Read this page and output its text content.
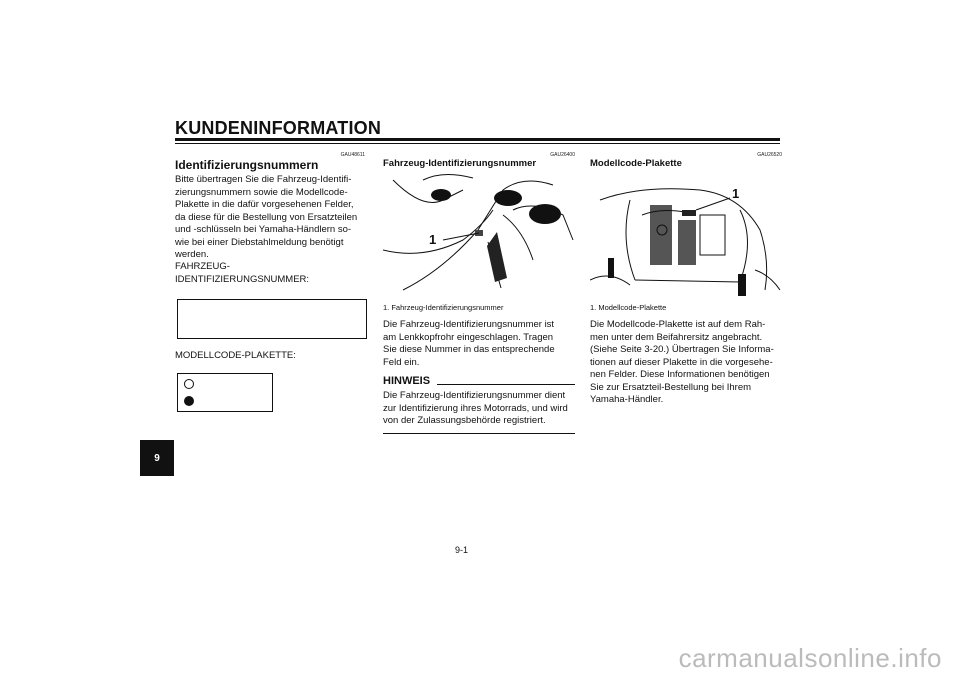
KUNDENINFORMATION
GAU48611
Identifizierungsnummern
Bitte übertragen Sie die Fahrzeug-Identifi-
zierungsnummern sowie die Modellcode-
Plakette in die dafür vorgesehenen Felder,
da diese für die Bestellung von Ersatzteilen
und -schlüsseln bei Yamaha-Händlern so-
wie bei einer Diebstahlmeldung benötigt
werden.
FAHRZEUG-
IDENTIFIZIERUNGSNUMMER:
MODELLCODE-PLAKETTE:
GAU26400
Fahrzeug-Identifizierungsnummer
1
1. Fahrzeug-Identifizierungsnummer
Die Fahrzeug-Identifizierungsnummer ist
am Lenkkopfrohr eingeschlagen. Tragen
Sie diese Nummer in das entsprechende
Feld ein.
HINWEIS
Die Fahrzeug-Identifizierungsnummer dient
zur Identifizierung ihres Motorrads, und wird
von der Zulassungsbehörde registriert.
GAU26520
Modellcode-Plakette
1
1. Modellcode-Plakette
Die Modellcode-Plakette ist auf dem Rah-
men unter dem Beifahrersitz angebracht.
(Siehe Seite 3-20.) Übertragen Sie Informa-
tionen auf dieser Plakette in die vorgesehe-
nen Felder. Diese Informationen benötigen
Sie zur Ersatzteil-Bestellung bei Ihrem
Yamaha-Händler.
9
9-1
carmanualsonline.info
